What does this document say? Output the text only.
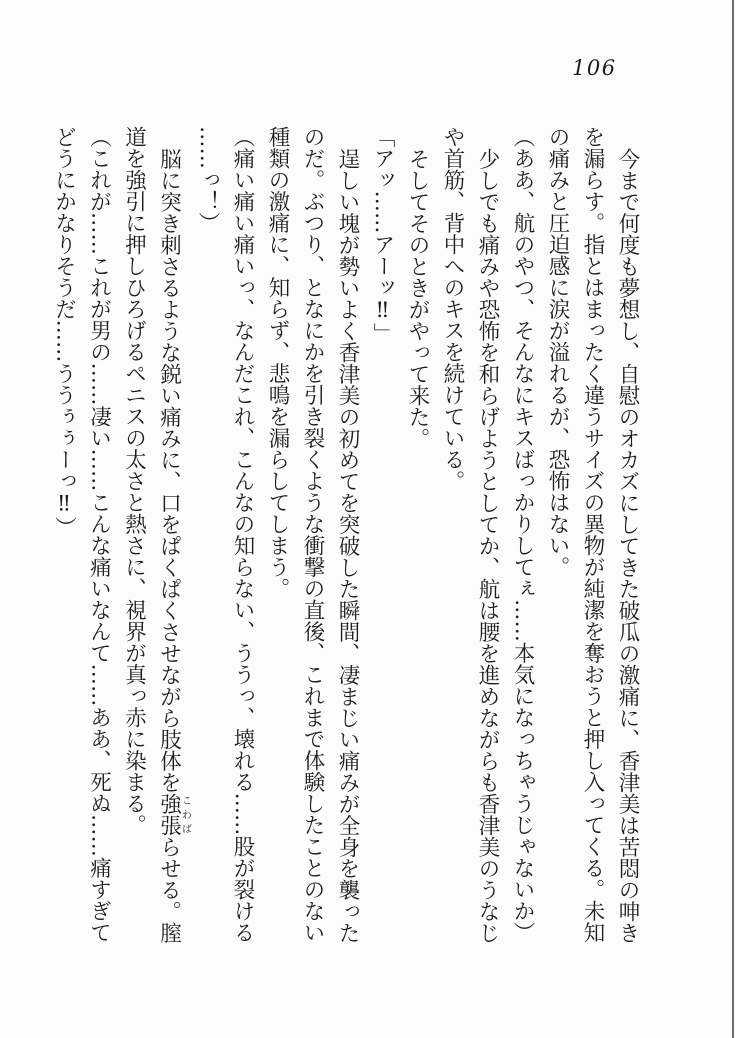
106

今まで何度も夢想し、自慰のオカズにしてきた破瓜の激痛に、香津美は苦悶の呻き

を漏らす。指とはまったく違うサイズの異物が純潔を奪おうと押し入ってくる。未知

の痛みと圧迫感に涙が溢れるが、恐怖はない。

（ああ、航のやつ、そんなにキスばっかりしてぇ……本気になっちゃうじゃないか）

少しでも痛みや恐怖を和らげようとしてか、航は腰を進めながらも香津美のうなじ

や首筋、背中へのキスを続けている。

そしてそのときがやって来た。

「アッ……アーッ‼」

逞しい塊が勢いよく香津美の初めてを突破した瞬間、凄まじい痛みが全身を襲った

のだ。ぶつり、となにかを引き裂くような衝撃の直後、これまで体験したことのない

種類の激痛に、知らず、悲鳴を漏らしてしまう。

（痛い痛い痛いっ、なんだこれ、こんなの知らない、ううっ、壊れる……股が裂ける

……っ！）

脳に突き刺さるような鋭い痛みに、口をぱくぱくさせながら肢体を強張こわばらせる。膣

道を強引に押しひろげるペニスの太さと熱さに、視界が真っ赤に染まる。

（これが……これが男の……凄い……こんな痛いなんて……ああ、死ぬ……痛すぎて

どうにかなりそうだ……ううぅぅーっ‼）
